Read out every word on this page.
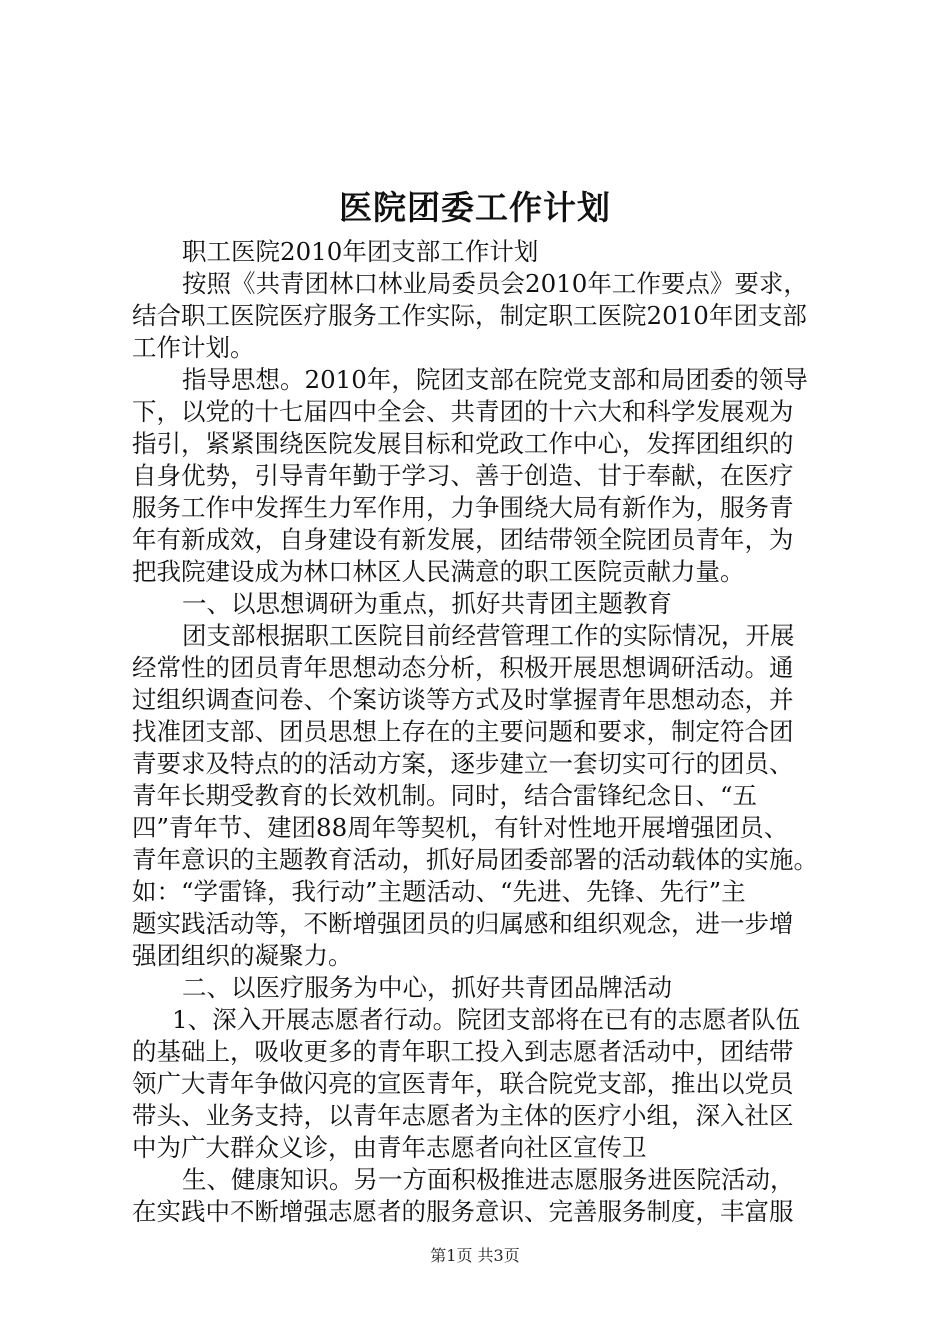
医院团委工作计划
职工医院2010年团支部工作计划
按照《共青团林口林业局委员会2010年工作要点》要求，
结合职工医院医疗服务工作实际，制定职工医院2010年团支部
工作计划。
指导思想。2010年，院团支部在院党支部和局团委的领导
下，以党的十七届四中全会、共青团的十六大和科学发展观为
指引，紧紧围绕医院发展目标和党政工作中心，发挥团组织的
自身优势，引导青年勤于学习、善于创造、甘于奉献，在医疗
服务工作中发挥生力军作用，力争围绕大局有新作为，服务青
年有新成效，自身建设有新发展，团结带领全院团员青年，为
把我院建设成为林口林区人民满意的职工医院贡献力量。
一、以思想调研为重点，抓好共青团主题教育
团支部根据职工医院目前经营管理工作的实际情况，开展
经常性的团员青年思想动态分析，积极开展思想调研活动。通
过组织调查问卷、个案访谈等方式及时掌握青年思想动态，并
找准团支部、团员思想上存在的主要问题和要求，制定符合团
青要求及特点的的活动方案，逐步建立一套切实可行的团员、
青年长期受教育的长效机制。同时，结合雷锋纪念日、“五
四”青年节、建团88周年等契机，有针对性地开展增强团员、
青年意识的主题教育活动，抓好局团委部署的活动载体的实施。
如：“学雷锋，我行动”主题活动、“先进、先锋、先行”主
题实践活动等，不断增强团员的归属感和组织观念，进一步增
强团组织的凝聚力。
二、以医疗服务为中心，抓好共青团品牌活动
1、深入开展志愿者行动。院团支部将在已有的志愿者队伍
的基础上，吸收更多的青年职工投入到志愿者活动中，团结带
领广大青年争做闪亮的宣医青年，联合院党支部，推出以党员
带头、业务支持，以青年志愿者为主体的医疗小组，深入社区
中为广大群众义诊，由青年志愿者向社区宣传卫
生、健康知识。另一方面积极推进志愿服务进医院活动，
在实践中不断增强志愿者的服务意识、完善服务制度，丰富服
第1页 共3页
